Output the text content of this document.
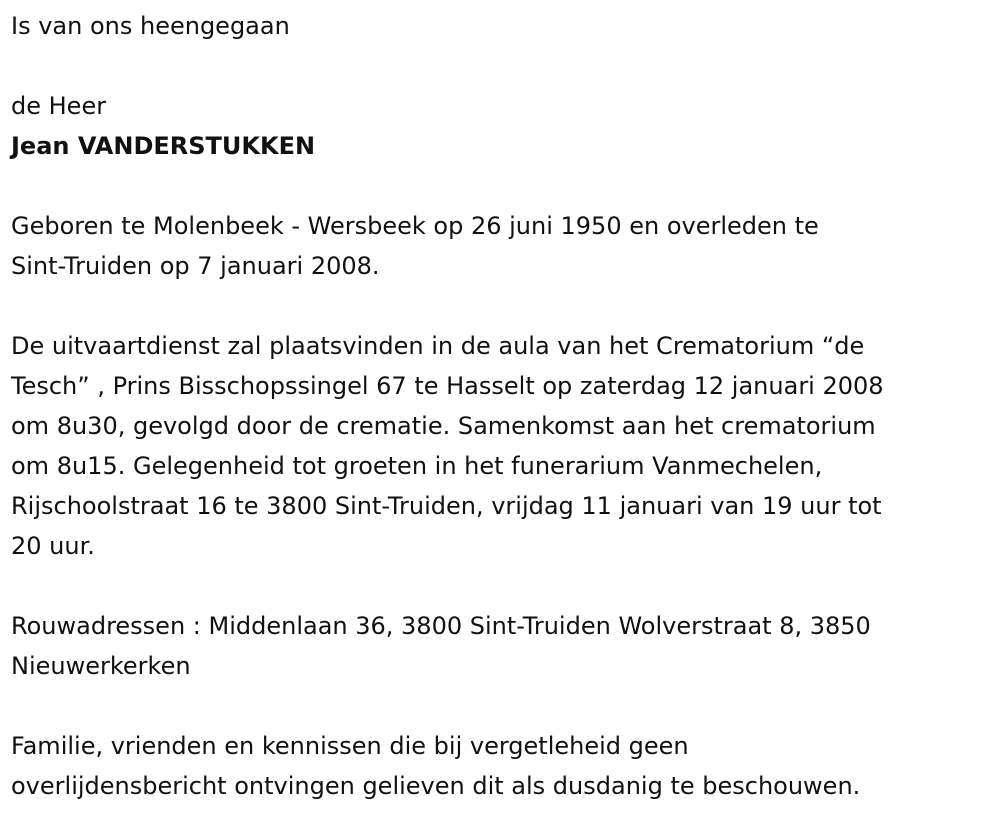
Is van ons heengegaan
de Heer
Jean VANDERSTUKKEN
Geboren te Molenbeek - Wersbeek op 26 juni 1950 en overleden te
Sint-Truiden op 7 januari 2008.
De uitvaartdienst zal plaatsvinden in de aula van het Crematorium “de
Tesch” , Prins Bisschopssingel 67 te Hasselt op zaterdag 12 januari 2008
om 8u30, gevolgd door de crematie. Samenkomst aan het crematorium
om 8u15. Gelegenheid tot groeten in het funerarium Vanmechelen,
Rijschoolstraat 16 te 3800 Sint-Truiden, vrijdag 11 januari van 19 uur tot
20 uur.
Rouwadressen : Middenlaan 36, 3800 Sint-Truiden Wolverstraat 8, 3850
Nieuwerkerken
Familie, vrienden en kennissen die bij vergetleheid geen
overlijdensbericht ontvingen gelieven dit als dusdanig te beschouwen.
